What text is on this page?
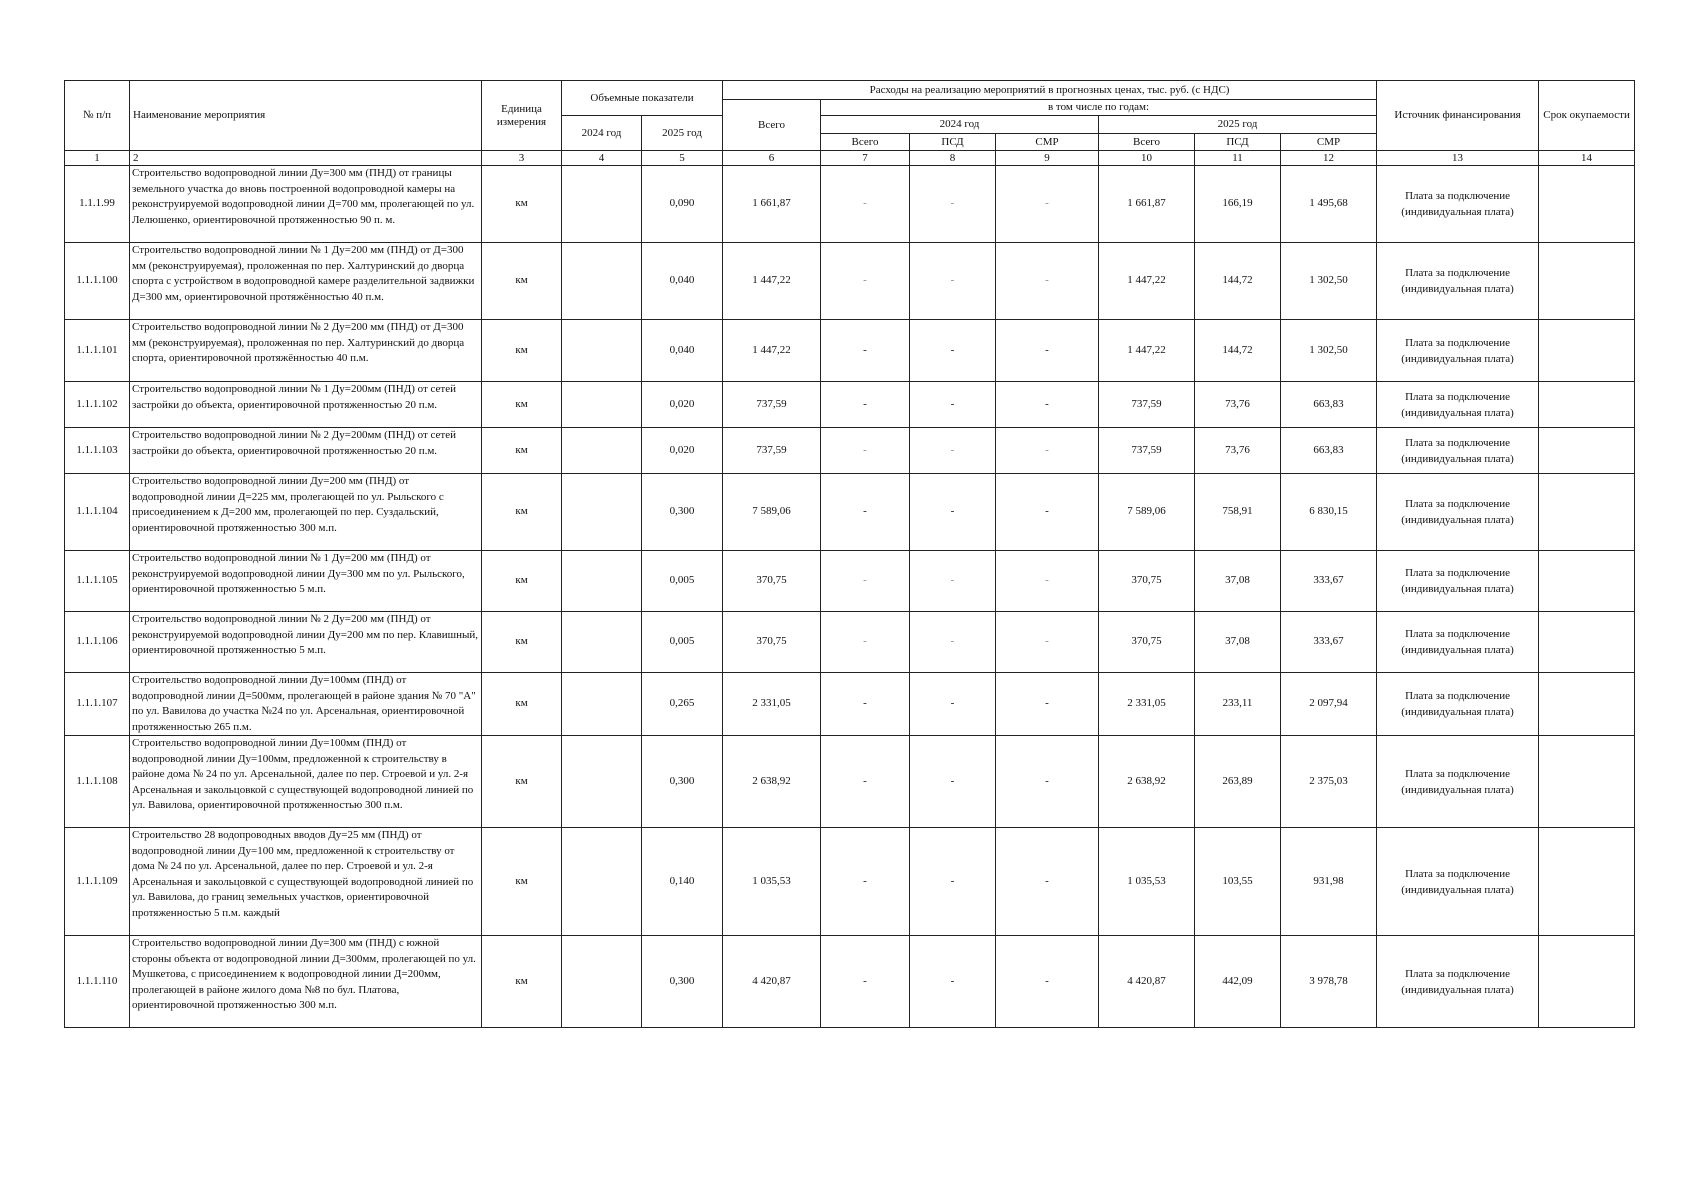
№ п/п	Наименование мероприятия	Единица измерения	Объемные показатели		Расходы на реализацию мероприятий в прогнозных ценах, тыс. руб. (с НДС)							Источник финансирования	Срок окупаемости
					Всего	в том числе по годам:							
			2024 год	2025 год		2024 год			2025 год				
						Всего	ПСД	СМР	Всего	ПСД	СМР		
1	2	3	4	5	6	7	8	9	10	11	12	13	14
1.1.1.99	Строительство водопроводной линии Ду=300 мм (ПНД) от границы земельного участка до вновь построенной водопроводной камеры на реконструируемой водопроводной линии Д=700 мм, пролегающей по ул. Лелюшенко, ориентировочной протяженностью 90 п. м.	км		0,090	1 661,87	-	-	-	1 661,87	166,19	1 495,68	Плата за подключение (индивидуальная плата)	
1.1.1.100	Строительство водопроводной линии № 1 Ду=200 мм (ПНД) от Д=300 мм (реконструируемая), проложенная по пер. Халтуринский до дворца спорта с устройством в водопроводной камере разделительной задвижки Д=300 мм, ориентировочной протяжённостью 40 п.м.	км		0,040	1 447,22	-	-	-	1 447,22	144,72	1 302,50	Плата за подключение (индивидуальная плата)	
1.1.1.101	Строительство водопроводной линии № 2 Ду=200 мм (ПНД) от Д=300 мм (реконструируемая), проложенная по пер. Халтуринский до дворца спорта, ориентировочной протяжённостью 40 п.м.	км		0,040	1 447,22	-	-	-	1 447,22	144,72	1 302,50	Плата за подключение (индивидуальная плата)	
1.1.1.102	Строительство водопроводной линии № 1 Ду=200мм (ПНД) от сетей застройки до объекта, ориентировочной протяженностью 20 п.м.	км		0,020	737,59	-	-	-	737,59	73,76	663,83	Плата за подключение (индивидуальная плата)	
1.1.1.103	Строительство водопроводной линии № 2 Ду=200мм (ПНД) от сетей застройки до объекта, ориентировочной протяженностью 20 п.м.	км		0,020	737,59	-	-	-	737,59	73,76	663,83	Плата за подключение (индивидуальная плата)	
1.1.1.104	Строительство водопроводной линии Ду=200 мм (ПНД) от водопроводной линии Д=225 мм, пролегающей по ул. Рыльского с присоединением к Д=200 мм, пролегающей по пер. Суздальский, ориентировочной протяженностью 300 м.п.	км		0,300	7 589,06	-	-	-	7 589,06	758,91	6 830,15	Плата за подключение (индивидуальная плата)	
1.1.1.105	Строительство водопроводной линии № 1 Ду=200 мм (ПНД) от реконструируемой водопроводной линии Ду=300 мм по ул. Рыльского, ориентировочной протяженностью 5 м.п.	км		0,005	370,75	-	-	-	370,75	37,08	333,67	Плата за подключение (индивидуальная плата)	
1.1.1.106	Строительство водопроводной линии № 2 Ду=200 мм (ПНД) от реконструируемой водопроводной линии Ду=200 мм по пер. Клавишный, ориентировочной протяженностью 5 м.п.	км		0,005	370,75	-	-	-	370,75	37,08	333,67	Плата за подключение (индивидуальная плата)	
1.1.1.107	Строительство водопроводной линии Ду=100мм (ПНД) от водопроводной линии Д=500мм, пролегающей в районе здания № 70 "А" по ул. Вавилова до участка №24 по ул. Арсенальная, ориентировочной протяженностью 265 п.м.	км		0,265	2 331,05	-	-	-	2 331,05	233,11	2 097,94	Плата за подключение (индивидуальная плата)	
1.1.1.108	Строительство водопроводной линии Ду=100мм (ПНД) от водопроводной линии Ду=100мм, предложенной к строительству в районе дома № 24 по ул. Арсенальной, далее по пер. Строевой и ул. 2-я Арсенальная и закольцовкой с существующей водопроводной линией по ул. Вавилова, ориентировочной протяженностью 300 п.м.	км		0,300	2 638,92	-	-	-	2 638,92	263,89	2 375,03	Плата за подключение (индивидуальная плата)	
1.1.1.109	Строительство 28 водопроводных вводов Ду=25 мм (ПНД) от водопроводной линии Ду=100 мм, предложенной к строительству от дома № 24 по ул. Арсенальной, далее по пер. Строевой и ул. 2-я Арсенальная и закольцовкой с существующей водопроводной линией по ул. Вавилова, до границ земельных участков, ориентировочной протяженностью 5 п.м. каждый	км		0,140	1 035,53	-	-	-	1 035,53	103,55	931,98	Плата за подключение (индивидуальная плата)	
1.1.1.110	Строительство водопроводной линии Ду=300 мм (ПНД) с южной стороны объекта от водопроводной линии Д=300мм, пролегающей по ул. Мушкетова, с присоединением к водопроводной линии Д=200мм, пролегающей в районе жилого дома №8 по бул. Платова, ориентировочной протяженностью 300 м.п.	км		0,300	4 420,87	-	-	-	4 420,87	442,09	3 978,78	Плата за подключение (индивидуальная плата)	
